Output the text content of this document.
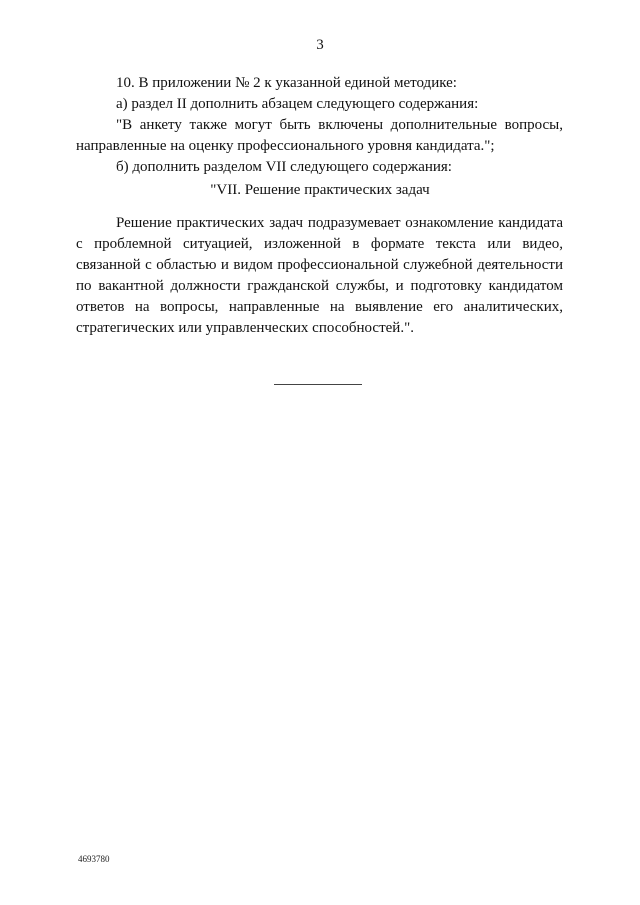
3
10. В приложении № 2 к указанной единой методике:
а) раздел II дополнить абзацем следующего содержания:
"В анкету также могут быть включены дополнительные вопросы,
направленные на оценку профессионального уровня кандидата.";
б) дополнить разделом VII следующего содержания:
"VII. Решение практических задач
Решение практических задач подразумевает ознакомление кандидата
с проблемной ситуацией, изложенной в формате текста или видео,
связанной с областью и видом профессиональной служебной деятельности
по вакантной должности гражданской службы, и подготовку кандидатом
ответов на вопросы, направленные на выявление его аналитических,
стратегических или управленческих способностей.".
4693780
